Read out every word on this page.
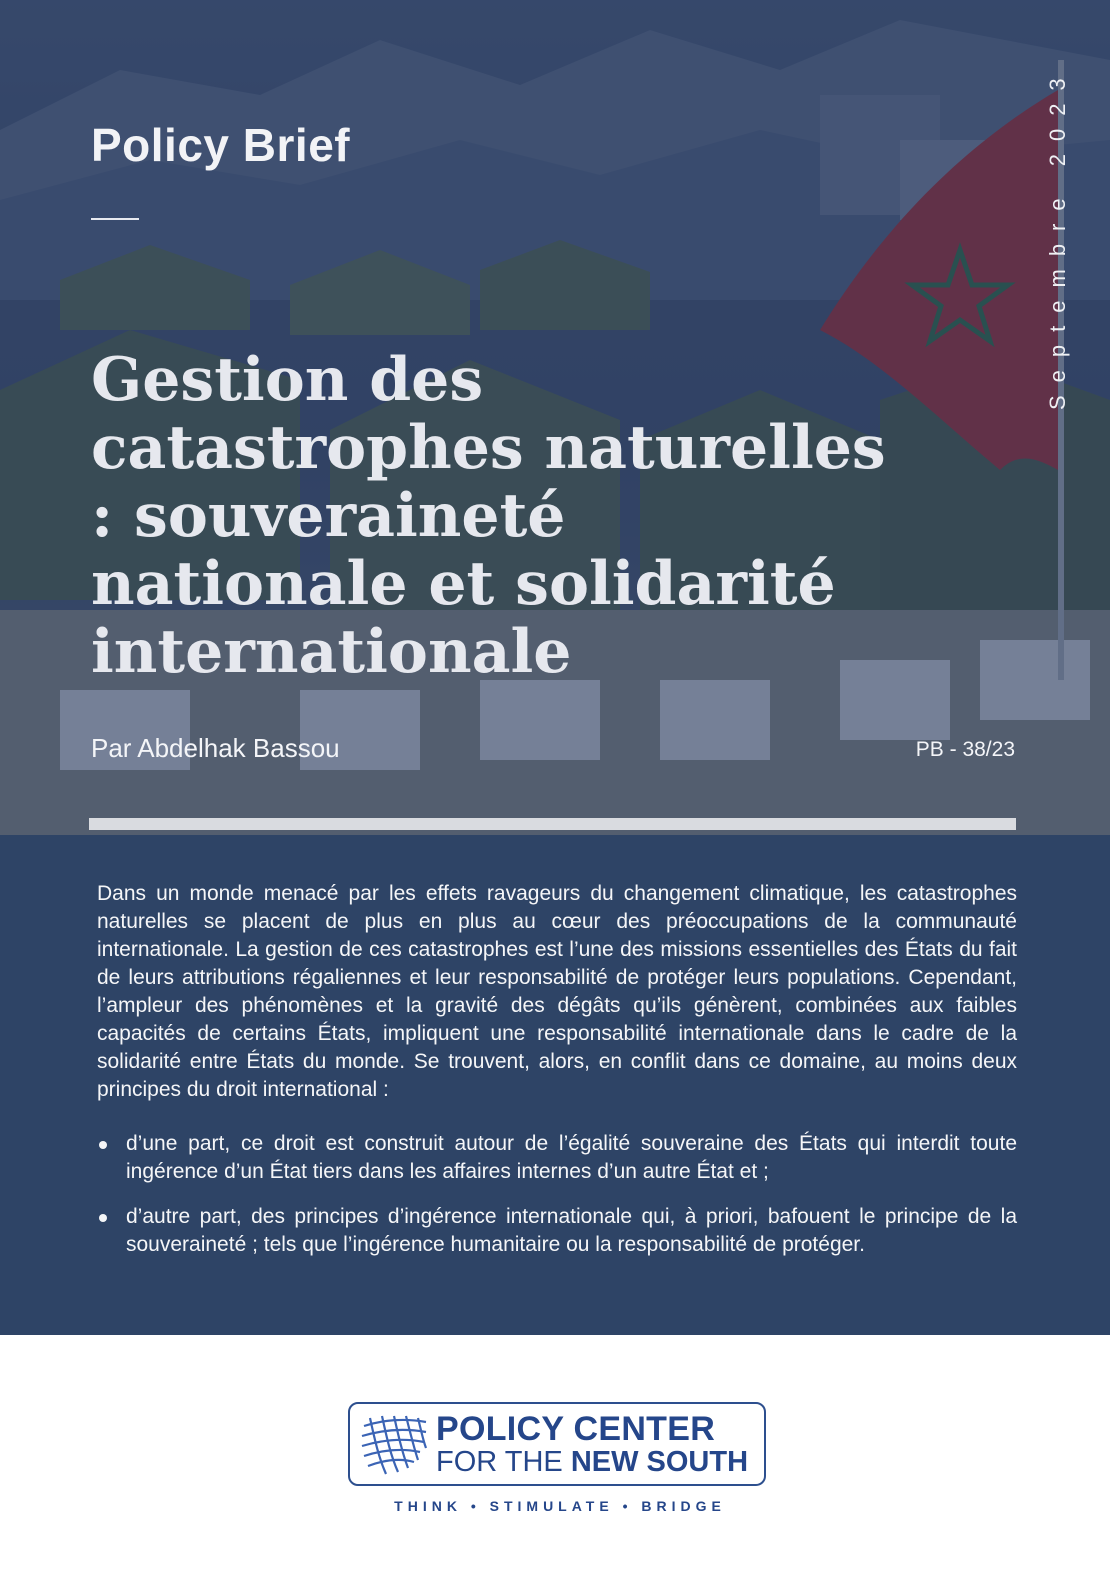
Policy Brief
Gestion des catastrophes naturelles : souveraineté nationale et solidarité internationale
Septembre 2023
Par Abdelhak Bassou	PB - 38/23

Dans un monde menacé par les effets ravageurs du changement climatique, les catastrophes naturelles se placent de plus en plus au cœur des préoccupations de la communauté internationale. La gestion de ces catastrophes est l’une des missions essentielles des États du fait de leurs attributions régaliennes et leur responsabilité de protéger leurs populations. Cependant, l’ampleur des phénomènes et la gravité des dégâts qu’ils génèrent, combinées aux faibles capacités de certains États, impliquent une responsabilité internationale dans le cadre de la solidarité entre États du monde. Se trouvent, alors, en conflit dans ce domaine, au moins deux principes du droit international :

d’une part, ce droit est construit autour de l’égalité souveraine des États qui interdit toute ingérence d’un État tiers dans les affaires internes d’un autre État et ;
d’autre part, des principes d’ingérence internationale qui, à priori, bafouent le principe de la souveraineté ; tels que l’ingérence humanitaire ou la responsabilité de protéger.
POLICY CENTER
FOR THE NEW SOUTH
THINK • STIMULATE • BRIDGE
